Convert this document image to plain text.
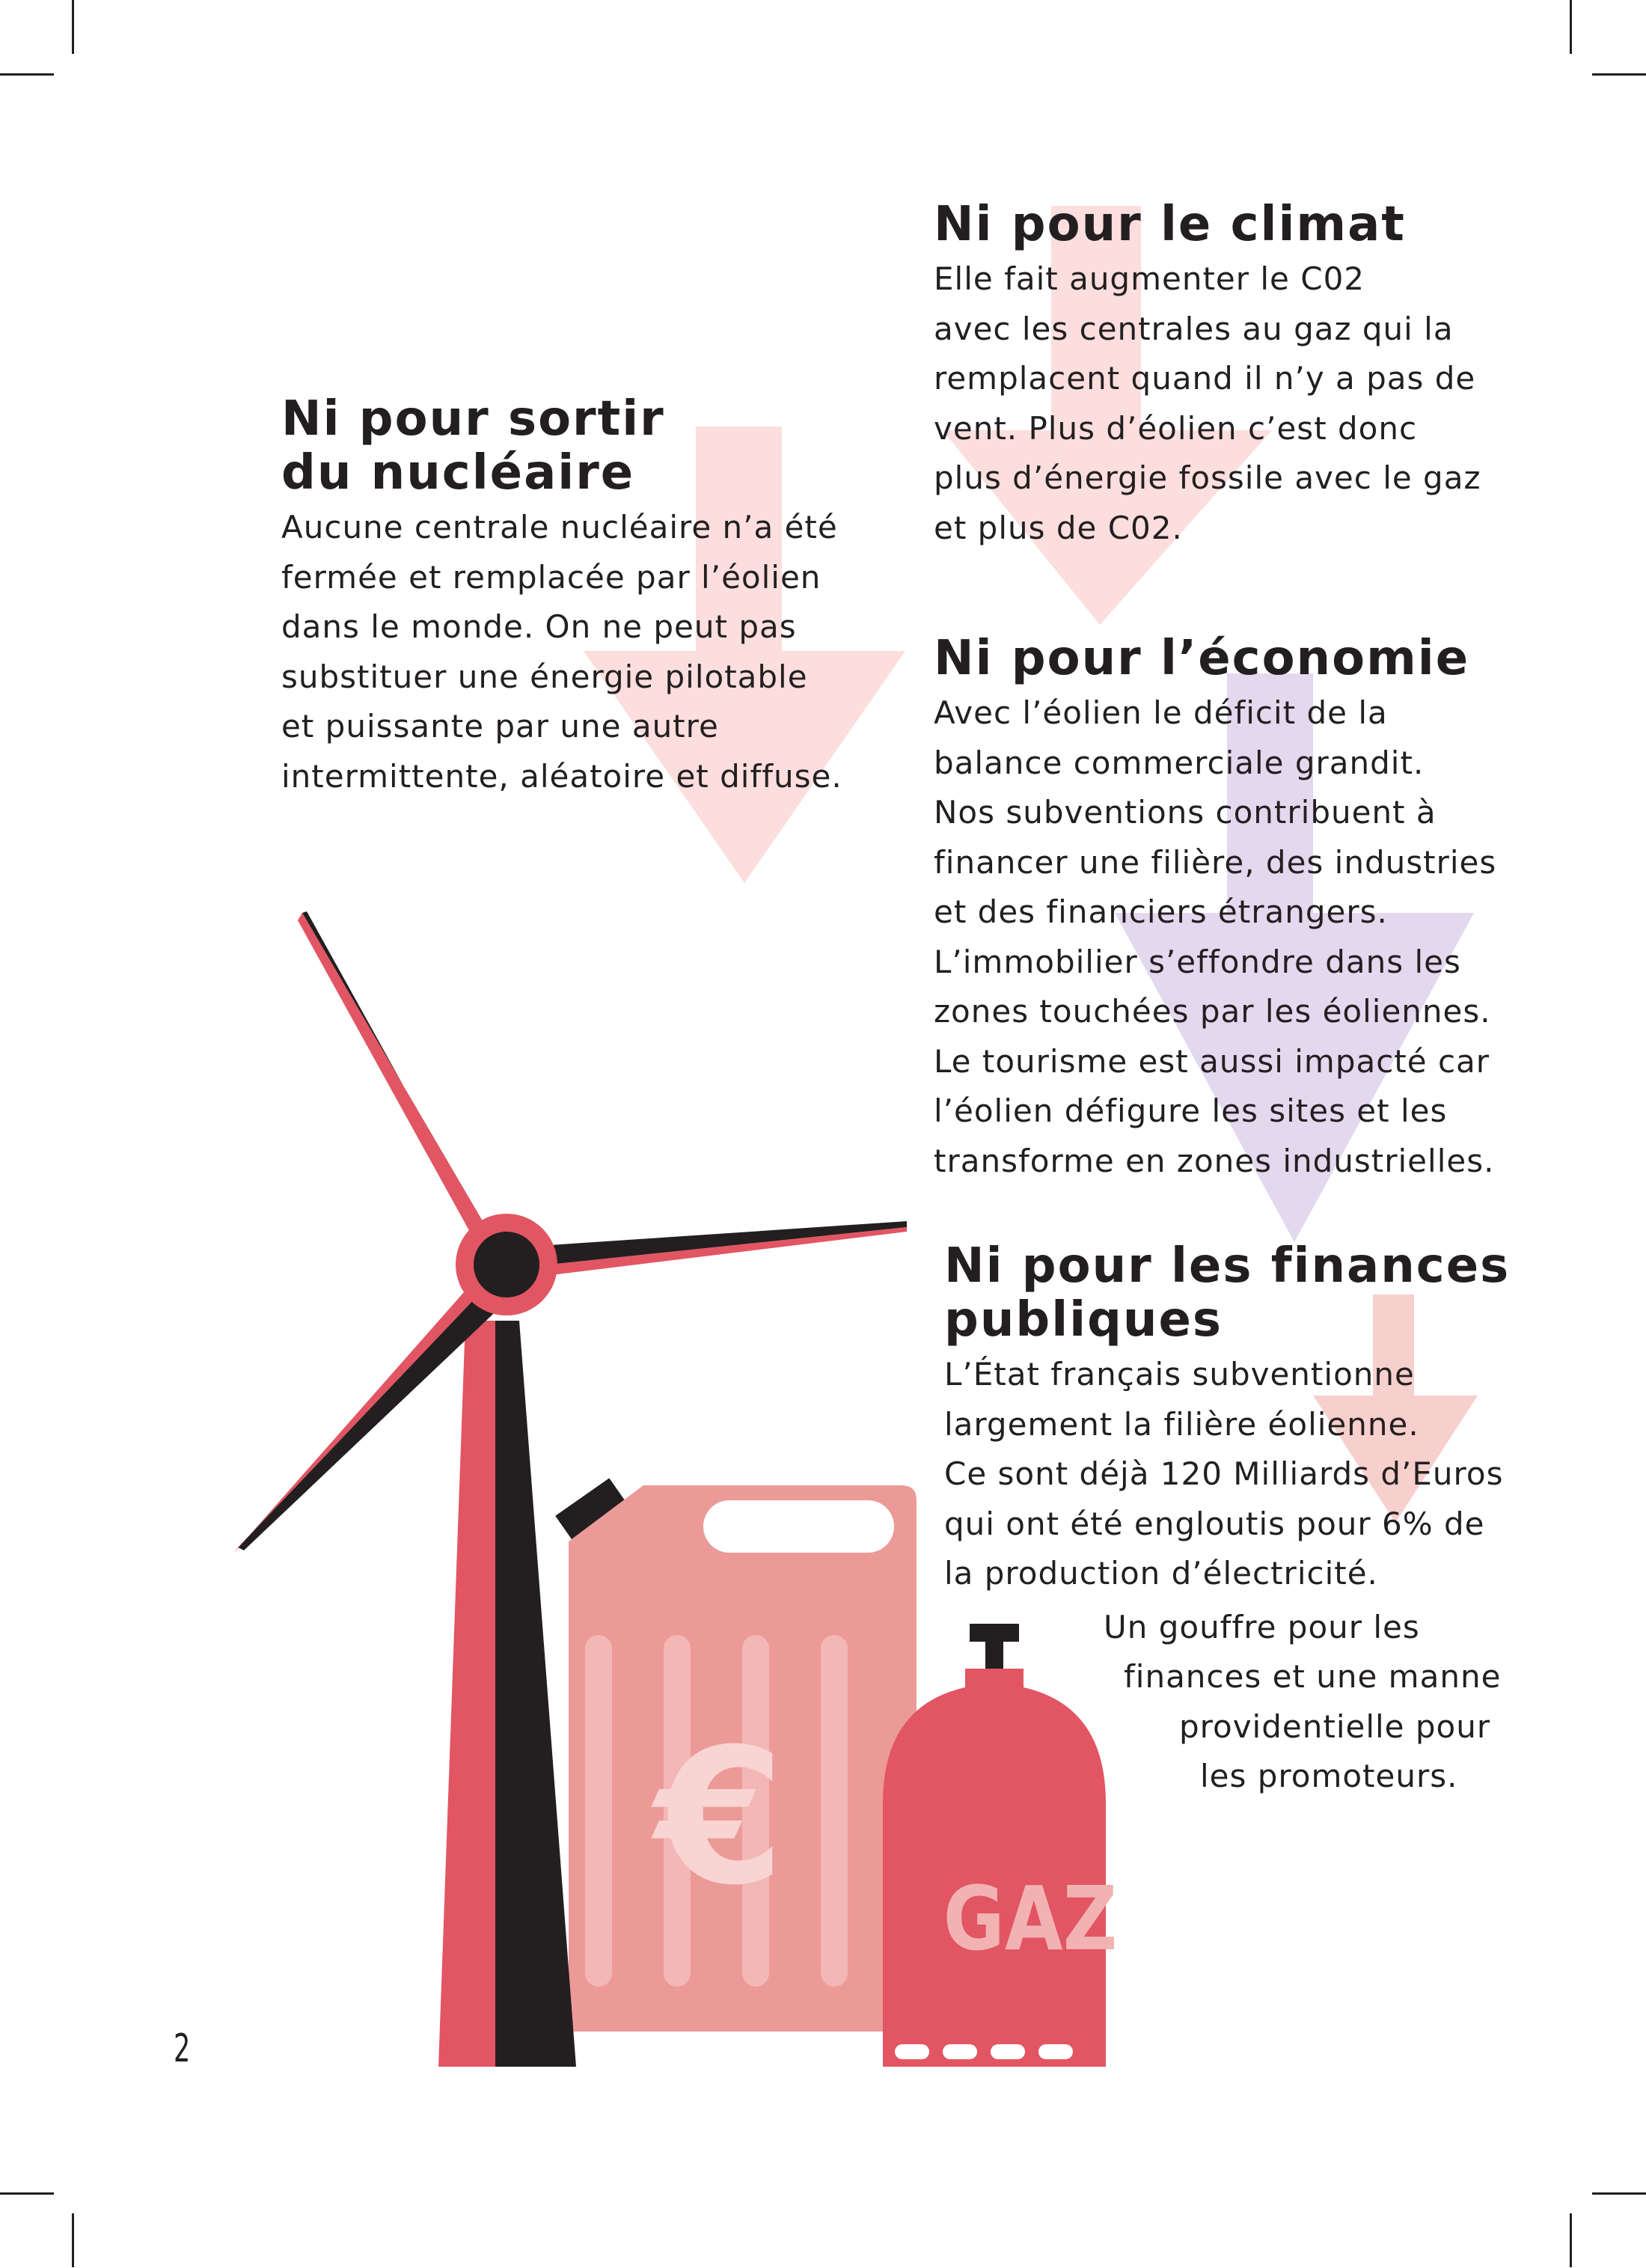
Ni pour sortir
du nucléaire

Aucune centrale nucléaire n’a été

fermée et remplacée par l’éolien

dans le monde. On ne peut pas

substituer une énergie pilotable

et puissante par une autre

intermittente, aléatoire et diffuse.

Ni pour le climat

Elle fait augmenter le C02

avec les centrales au gaz qui la

remplacent quand il n’y a pas de

vent. Plus d’éolien c’est donc

plus d’énergie fossile avec le gaz

et plus de C02.

Ni pour l’économie

Avec l’éolien le déficit de la

balance commerciale grandit.

Nos subventions contribuent à

financer une filière, des industries

et des financiers étrangers.

L’immobilier s’effondre dans les

zones touchées par les éoliennes.

Le tourisme est aussi impacté car

l’éolien défigure les sites et les

transforme en zones industrielles.

Ni pour les finances
publiques

L’État français subventionne

largement la filière éolienne.

Ce sont déjà 120 Milliards d’Euros

qui ont été engloutis pour 6% de

la production d’électricité.

Un gouffre pour les

finances et une manne

providentielle pour

les promoteurs.

€ GAZ
2
